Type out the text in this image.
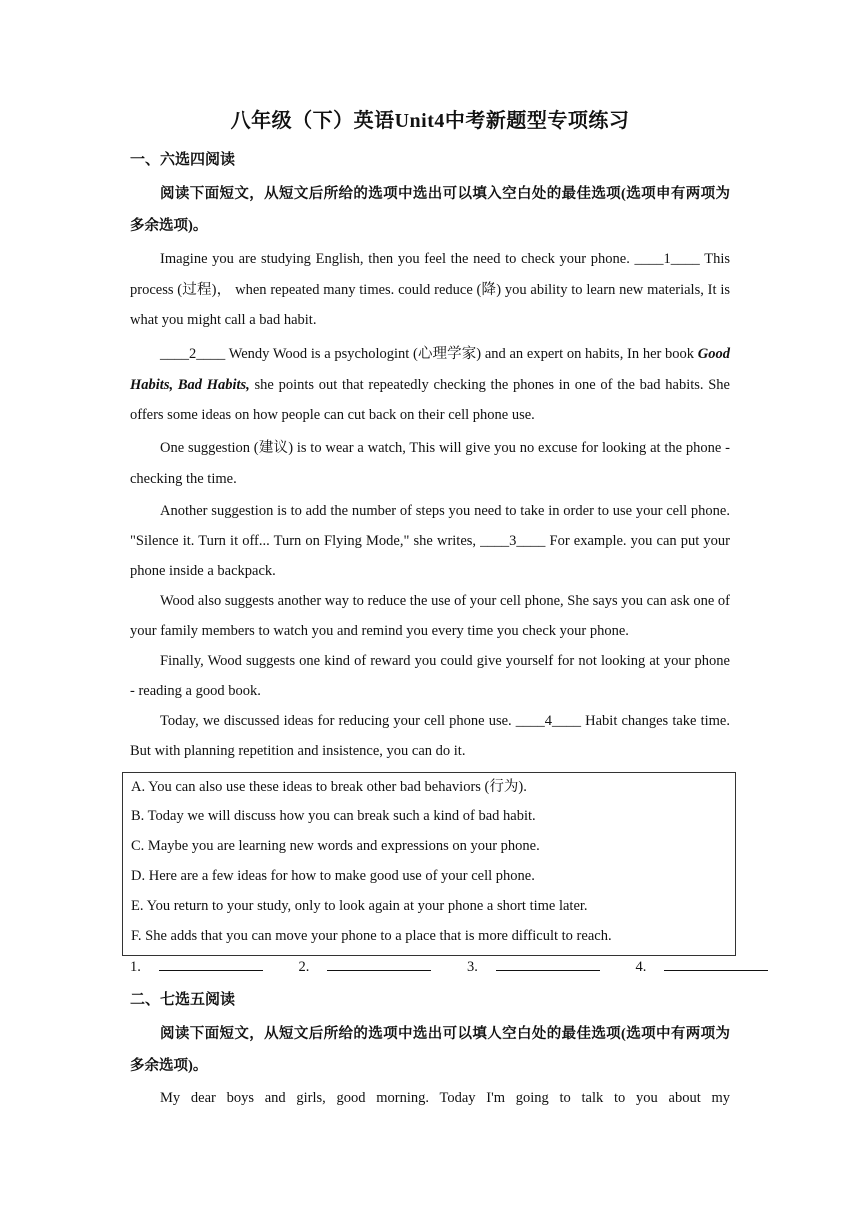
八年级（下）英语Unit4中考新题型专项练习
一、六选四阅读

阅读下面短文，从短文后所给的选项中选出可以填入空白处的最佳选项(选项申有两项为多余选项)。

Imagine you are studying English, then you feel the need to check your phone. ____1____ This process (过程)， when repeated many times. could reduce (降) you ability to learn new materials, It is what you might call a bad habit.

____2____ Wendy Wood is a psychologint (心理学家) and an expert on habits, In her book Good Habits, Bad Habits, she points out that repeatedly checking the phones in one of the bad habits. She offers some ideas on how people can cut back on their cell phone use.

One suggestion (建议) is to wear a watch, This will give you no excuse for looking at the phone -checking the time.

Another suggestion is to add the number of steps you need to take in order to use your cell phone. "Silence it. Turn it off... Turn on Flying Mode," she writes, ____3____ For example. you can put your phone inside a backpack.

Wood also suggests another way to reduce the use of your cell phone, She says you can ask one of your family members to watch you and remind you every time you check your phone.

Finally, Wood suggests one kind of reward you could give yourself for not looking at your phone - reading a good book.

Today, we discussed ideas for reducing your cell phone use. ____4____ Habit changes take time. But with planning repetition and insistence, you can do it.

A. You can also use these ideas to break other bad behaviors (行为).
B. Today we will discuss how you can break such a kind of bad habit.
C. Maybe you are learning new words and expressions on your phone.
D. Here are a few ideas for how to make good use of your cell phone.
E. You return to your study, only to look again at your phone a short time later.
F. She adds that you can move your phone to a place that is more difficult to reach.
1.	2.	3.	4.
二、七选五阅读

阅读下面短文，从短文后所给的选项中选出可以填人空白处的最佳选项(选项中有两项为多余选项)。

My dear boys and girls, good morning. Today I'm going to talk to you about my
